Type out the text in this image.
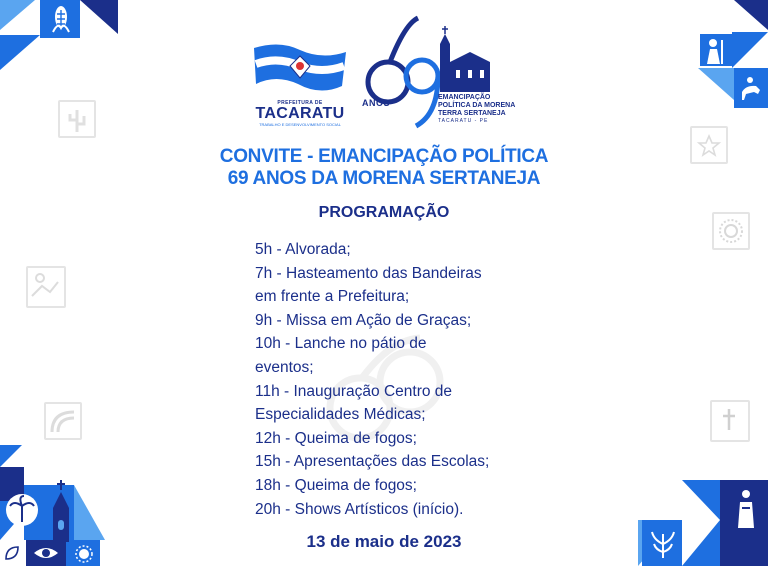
PREFEITURA DE
TACARATU
TRABALHO E DESENVOLVIMENTO SOCIAL
ANOS
EMANCIPAÇÃO
POLÍTICA DA MORENA
TERRA SERTANEJA
TACARATU - PE
CONVITE - EMANCIPAÇÃO POLÍTICA
69 ANOS DA MORENA SERTANEJA
PROGRAMAÇÃO
5h - Alvorada;
7h - Hasteamento das Bandeiras
em frente a Prefeitura;
9h - Missa em Ação de Graças;
10h - Lanche no pátio de
eventos;
11h - Inauguração Centro de
Especialidades Médicas;
12h - Queima de fogos;
15h - Apresentações das Escolas;
18h - Queima de fogos;
20h - Shows Artísticos (início).
13 de maio de 2023
